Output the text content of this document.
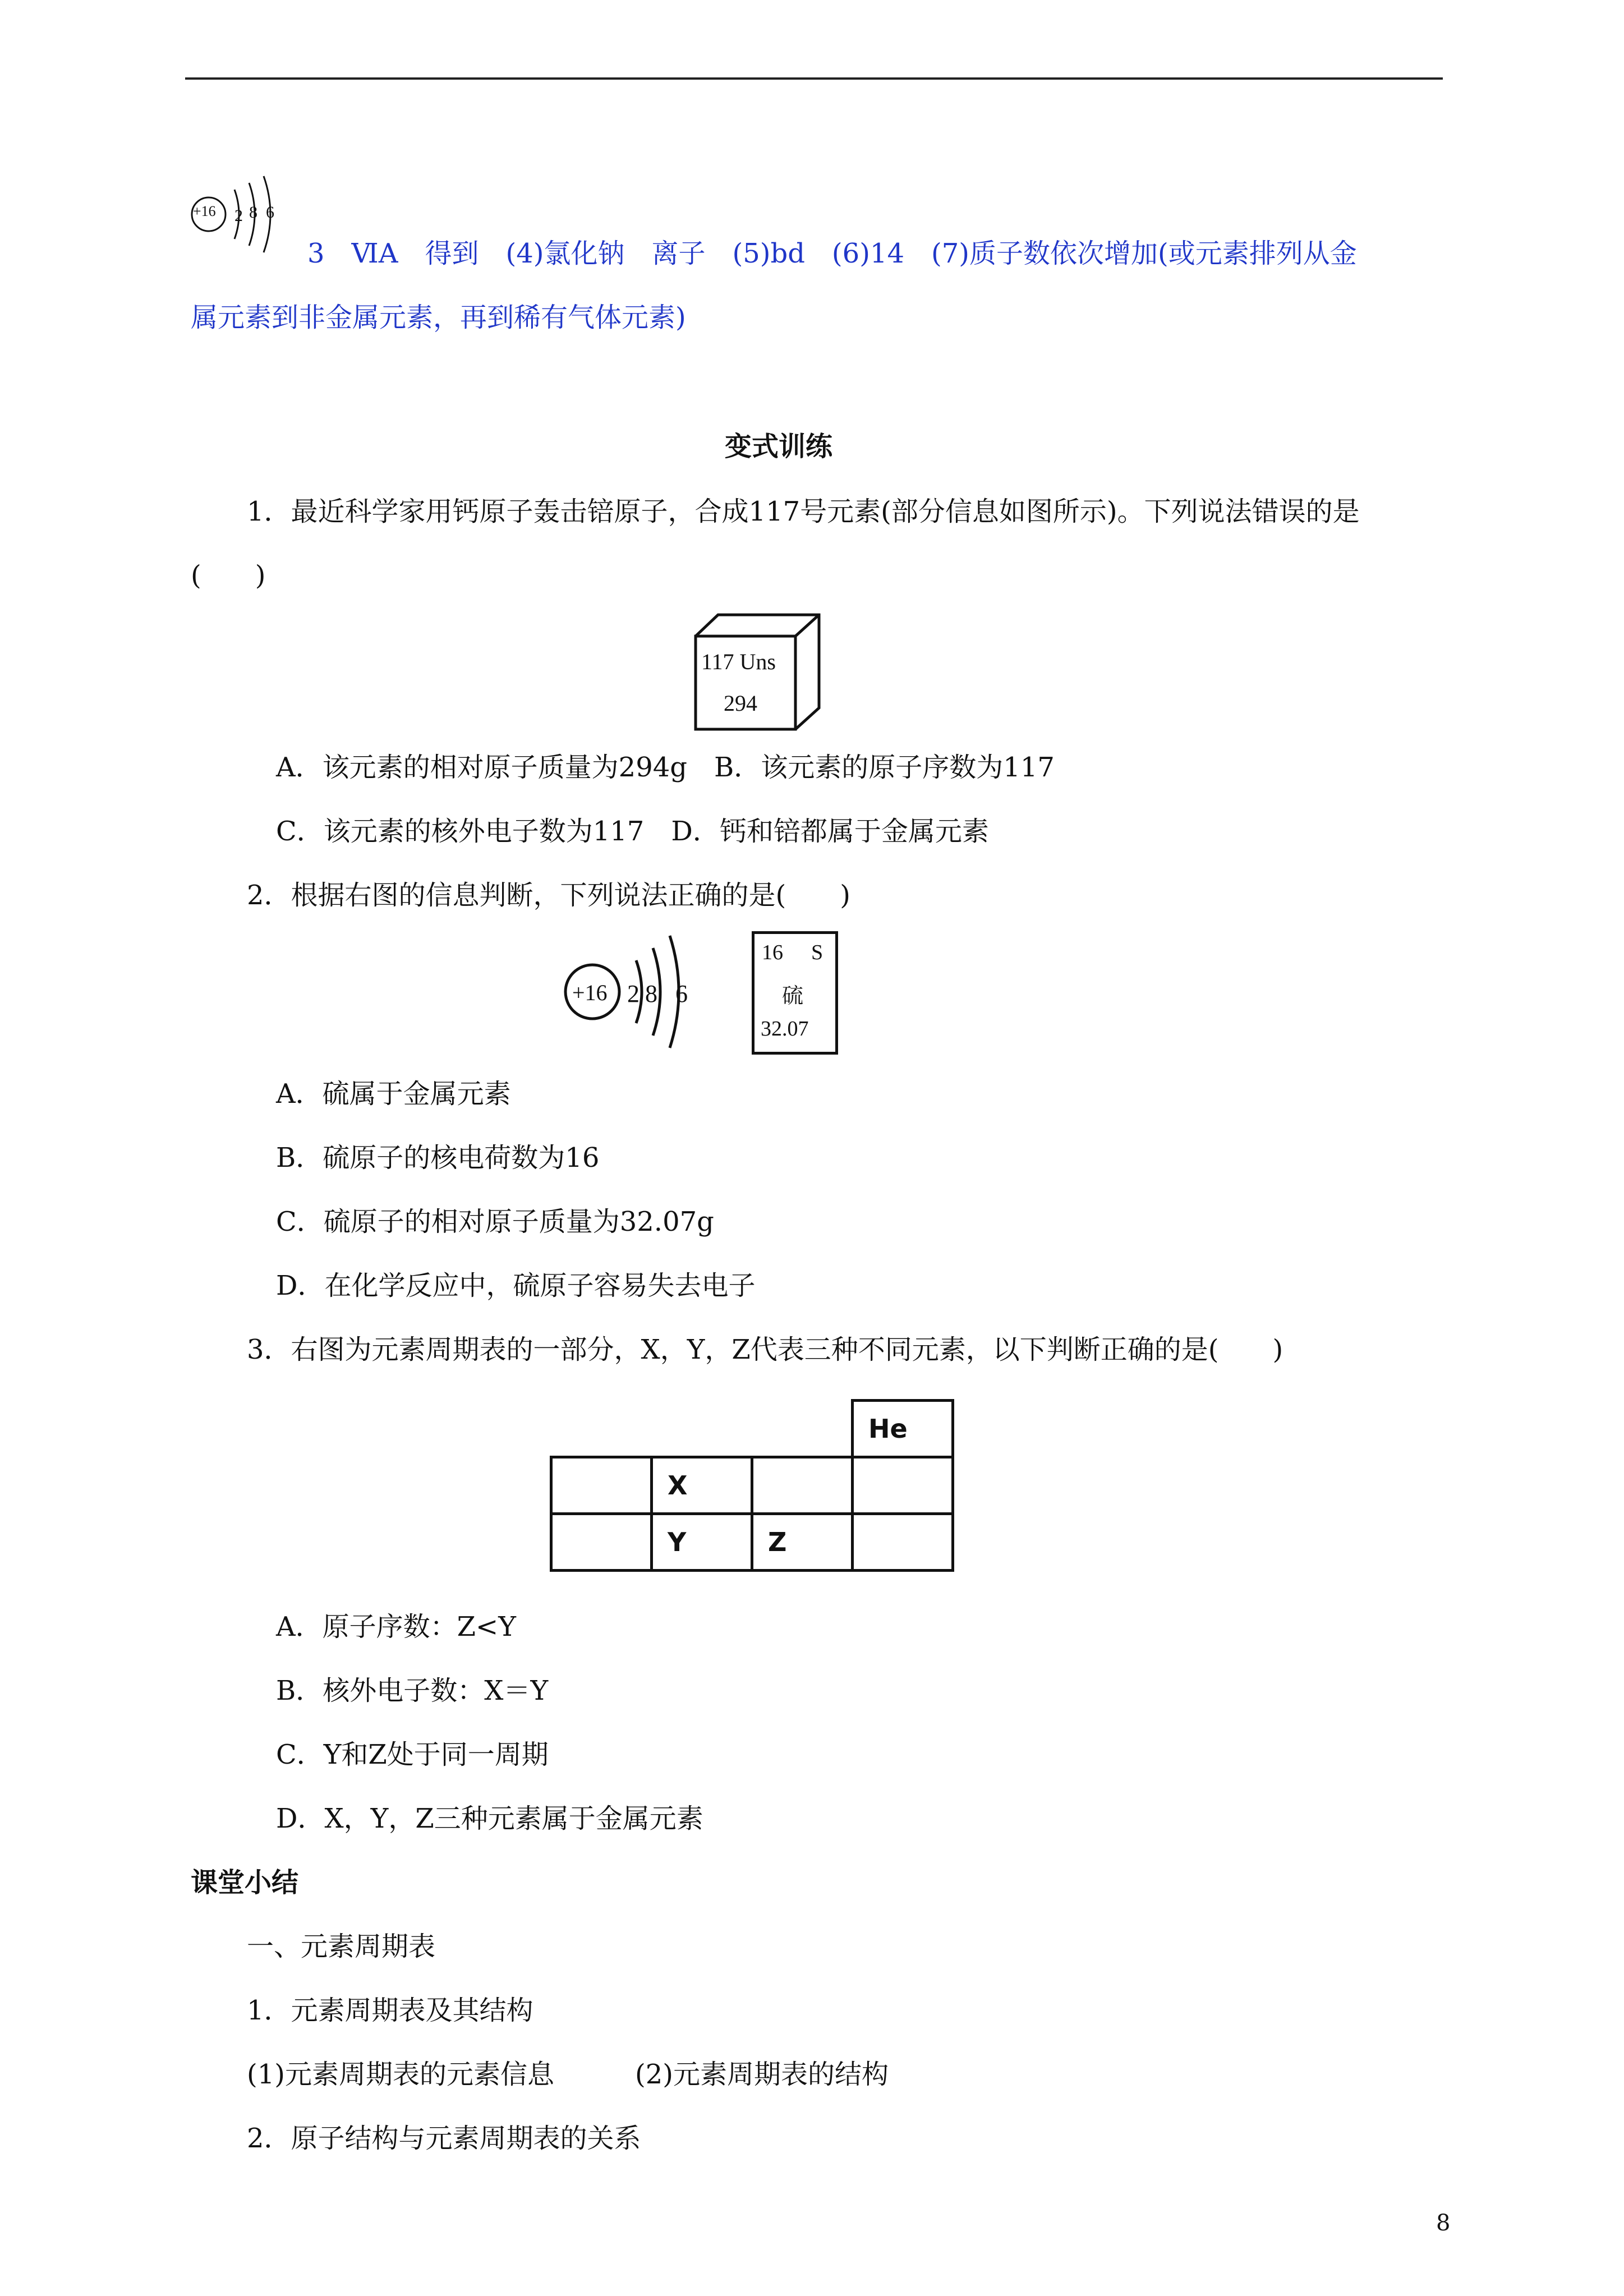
+16 2 8 6
3　ⅥA　得到　(4)氯化钠　离子　(5)bd　(6)14　(7)质子数依次增加(或元素排列从金
属元素到非金属元素，再到稀有气体元素)
变式训练
1．最近科学家用钙原子轰击锫原子，合成117号元素(部分信息如图所示)。下列说法错误的是
(　　)
117 Uns
294
A．该元素的相对原子质量为294g　B．该元素的原子序数为117
C．该元素的核外电子数为117　D．钙和锫都属于金属元素
2．根据右图的信息判断，下列说法正确的是(　　)
+16 2 8 6
16 S
硫
32.07
A．硫属于金属元素
B．硫原子的核电荷数为16
C．硫原子的相对原子质量为32.07g
D．在化学反应中，硫原子容易失去电子
3．右图为元素周期表的一部分，X，Y，Z代表三种不同元素，以下判断正确的是(　　)
			He
	X		
	Y	Z	
A．原子序数：Z<Y
B．核外电子数：X＝Y
C．Y和Z处于同一周期
D．X，Y，Z三种元素属于金属元素
课堂小结
一、元素周期表
1．元素周期表及其结构
(1)元素周期表的元素信息　　　(2)元素周期表的结构
2．原子结构与元素周期表的关系
8
